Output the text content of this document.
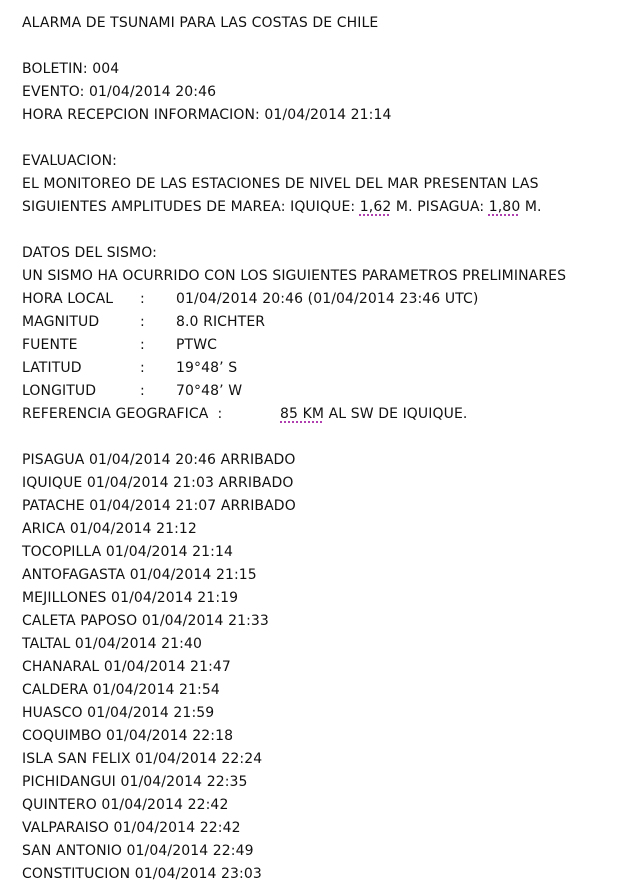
ALARMA DE TSUNAMI PARA LAS COSTAS DE CHILE
BOLETIN: 004
EVENTO: 01/04/2014 20:46
HORA RECEPCION INFORMACION: 01/04/2014 21:14
EVALUACION:
EL MONITOREO DE LAS ESTACIONES DE NIVEL DEL MAR PRESENTAN LAS
SIGUIENTES AMPLITUDES DE MAREA: IQUIQUE: 1,62 M. PISAGUA: 1,80 M.
DATOS DEL SISMO:
UN SISMO HA OCURRIDO CON LOS SIGUIENTES PARAMETROS PRELIMINARES
HORA LOCAL : 01/04/2014 20:46 (01/04/2014 23:46 UTC)
MAGNITUD	: 8.0 RICHTER
FUENTE	: PTWC
LATITUD	: 19°48’ S
LONGITUD	: 70°48’ W
REFERENCIA GEOGRAFICA  :	85 KM AL SW DE IQUIQUE.
PISAGUA 01/04/2014 20:46 ARRIBADO
IQUIQUE 01/04/2014 21:03 ARRIBADO
PATACHE 01/04/2014 21:07 ARRIBADO
ARICA 01/04/2014 21:12
TOCOPILLA 01/04/2014 21:14
ANTOFAGASTA 01/04/2014 21:15
MEJILLONES 01/04/2014 21:19
CALETA PAPOSO 01/04/2014 21:33
TALTAL 01/04/2014 21:40
CHANARAL 01/04/2014 21:47
CALDERA 01/04/2014 21:54
HUASCO 01/04/2014 21:59
COQUIMBO 01/04/2014 22:18
ISLA SAN FELIX 01/04/2014 22:24
PICHIDANGUI 01/04/2014 22:35
QUINTERO 01/04/2014 22:42
VALPARAISO 01/04/2014 22:42
SAN ANTONIO 01/04/2014 22:49
CONSTITUCION 01/04/2014 23:03
